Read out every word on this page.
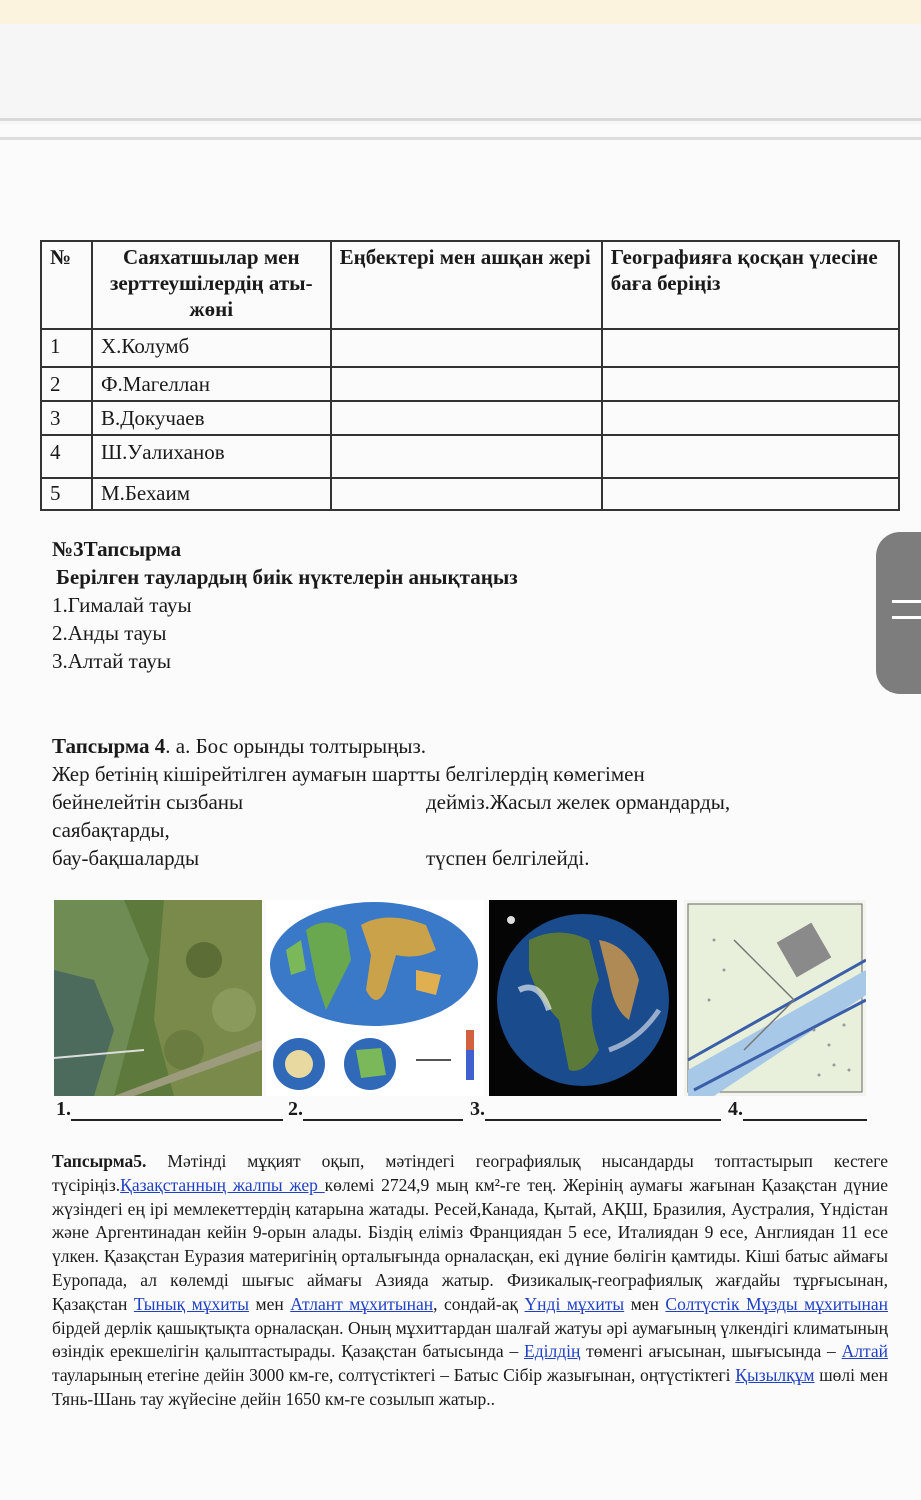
№	Саяхатшылар мен зерттеушілердің аты-жөні	Еңбектері мен ашқан жері	Географияға қосқан үлесіне баға беріңіз
1	Х.Колумб		
2	Ф.Магеллан		
3	В.Докучаев		
4	Ш.Уалиханов		
5	М.Бехаим		
№3Тапсырма
Берілген таулардың биік нүктелерін анықтаңыз
1.Гималай тауы
2.Анды тауы
3.Алтай тауы
Тапсырма 4. а. Бос орынды толтырыңыз.
Жер бетінің кішірейтілген аумағын шартты белгілердің көмегімен
бейнелейтін сызбаны	дейміз.Жасыл желек ормандарды,
саябақтарды,
бау-бақшаларды	түспен белгілейді.
1.	2.	3.	4.
Тапсырма5. Мәтінді мұқият оқып, мәтіндегі географиялық нысандарды топтастырып кестеге түсіріңіз.Қазақстанның жалпы жер көлемі 2724,9 мың км²-ге тең. Жерінің аумағы жағынан Қазақстан дүние жүзіндегі ең ірі мемлекеттердің катарына жатады. Ресей,Канада, Қытай, АҚШ, Бразилия, Аустралия, Үндістан және Аргентинадан кейін 9-орын алады. Біздің еліміз Франциядан 5 есе, Италиядан 9 есе, Англиядан 11 есе үлкен. Қазақстан Еуразия материгінің орталығында орналасқан, екі дүние бөлігін қамтиды. Кіші батыс аймағы Еуропада, ал көлемді шығыс аймағы Азияда жатыр. Физикалық-географиялық жағдайы тұрғысынан, Қазақстан Тынық мұхиты мен Атлант мұхитынан, сондай-ақ Үнді мұхиты мен Солтүстік Мұзды мұхитынан бірдей дерлік қашықтықта орналасқан. Оның мұхиттардан шалғай жатуы әрі аумағының үлкендігі климатының өзіндік ерекшелігін қалыптастырады. Қазақстан батысында – Еділдің төменгі ағысынан, шығысында – Алтай тауларының етегіне дейін 3000 км-ге, солтүстіктегі – Батыс Сібір жазығынан, оңтүстіктегі Қызылқұм шөлі мен Тянь-Шань тау жүйесіне дейін 1650 км-ге созылып жатыр..
